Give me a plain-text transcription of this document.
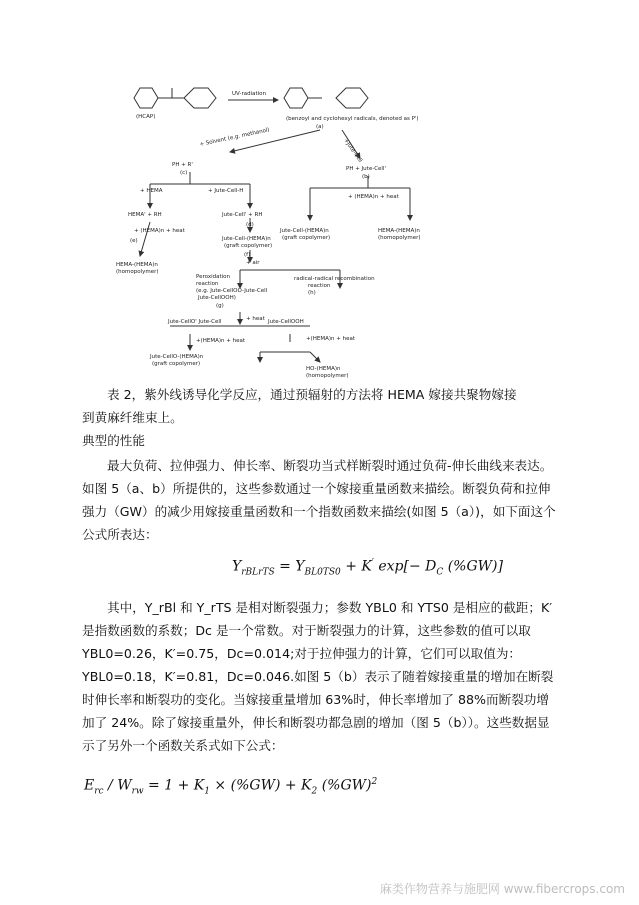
(HCAP)
UV-radiation
(benzoyl and cyclohexyl radicals, denoted as P')
(a)
+ Solvent (e.g. methanol)
+Jute-Cell
PH + R'
(c)
PH + Jute-Cell'
(b)
+ (HEMA)n + heat
+ HEMA	+ Jute-Cell-H
HEMA' + RH	Jute-Cell' + RH
(d)
+ (HEMA)n + heat
Jute-Cell-(HEMA)n
(graft copolymer)
(e)
(f)
HEMA-(HEMA)n
(homopolymer)
Jute-Cell-(HEMA)n
(graft copolymer)
HEMA-(HEMA)n
(homopolymer)
+ air
Peroxidation
reaction
(e.g. Jute-CellOO-Jute-Cell
Jute-CellOOH)
(g)
radical-radical recombination
reaction
(h)
+ heat
Jute-CellO' Jute-Cell	Jute-CellOOH
+(HEMA)n + heat	+(HEMA)n + heat
Jute-CellO-(HEMA)n
(graft copolymer)
HO-(HEMA)n
(homopolymer)

表 2，紫外线诱导化学反应，通过预辐射的方法将 HEMA 嫁接共聚物嫁接

到黄麻纤维束上。

典型的性能

最大负荷、拉伸强力、伸长率、断裂功当式样断裂时通过负荷-伸长曲线来表达。如图 5（a、b）所提供的，这些参数通过一个嫁接重量函数来描绘。断裂负荷和拉伸强力（GW）的减少用嫁接重量函数和一个指数函数来描绘(如图 5（a）)，如下面这个公式所表达：

$Y_{rBLrTS} = Y_{BL0TS0} + K'$ $\exp[- D_C$ (%GW)]

其中，Y_rBl 和 Y_rTS 是相对断裂强力；参数 YBL0 和 YTS0 是相应的截距；K′是指数函数的系数；Dc 是一个常数。对于断裂强力的计算，这些参数的值可以取 YBL0=0.26，K′=0.75，Dc=0.014;对于拉伸强力的计算，它们可以取值为：YBL0=0.18，K′=0.81，Dc=0.046.如图 5（b）表示了随着嫁接重量的增加在断裂时伸长率和断裂功的变化。当嫁接重量增加 63%时，伸长率增加了 88%而断裂功增加了 24%。除了嫁接重量外，伸长和断裂功都急剧的增加（图 5（b））。这些数据显示了另外一个函数关系式如下公式：

$E_{rc} / W_{rw} = 1 + K_1 \times (\%GW) + K_2$ $(\%GW)^2$
麻类作物营养与施肥网 www.fibercrops.com
